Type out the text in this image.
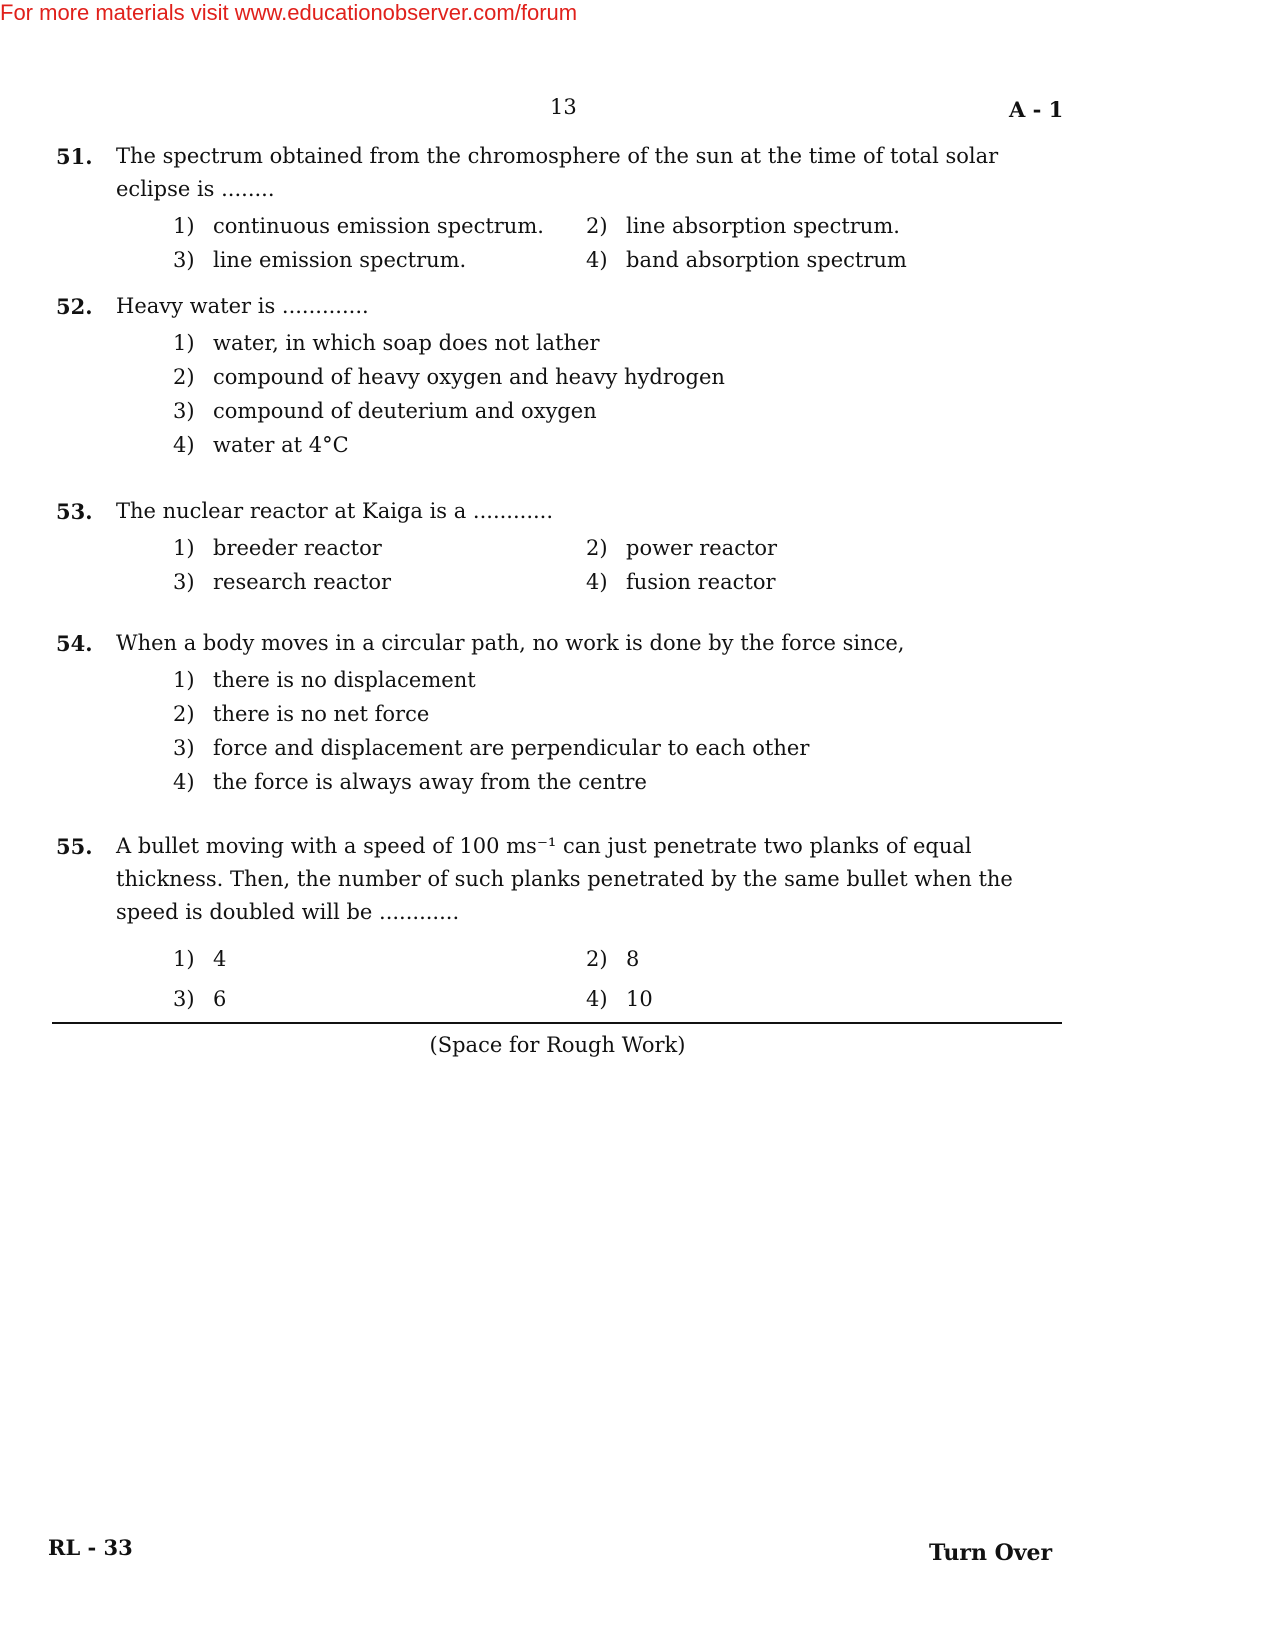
For more materials visit www.educationobserver.com/forum
13	A - 1
51. The spectrum obtained from the chromosphere of the sun at the time of total solar eclipse is ........
1) continuous emission spectrum. 2) line absorption spectrum.
3) line emission spectrum.	4) band absorption spectrum
52. Heavy water is .............
1) water, in which soap does not lather
2) compound of heavy oxygen and heavy hydrogen
3) compound of deuterium and oxygen
4) water at 4°C
53. The nuclear reactor at Kaiga is a ............
1) breeder reactor	2) power reactor
3) research reactor	4) fusion reactor
54. When a body moves in a circular path, no work is done by the force since,
1) there is no displacement
2) there is no net force
3) force and displacement are perpendicular to each other
4) the force is always away from the centre
55. A bullet moving with a speed of 100 ms⁻¹ can just penetrate two planks of equal thickness. Then, the number of such planks penetrated by the same bullet when the speed is doubled will be ............
1) 4	2) 8
3) 6	4) 10
(Space for Rough Work)
RL - 33	Turn Over
